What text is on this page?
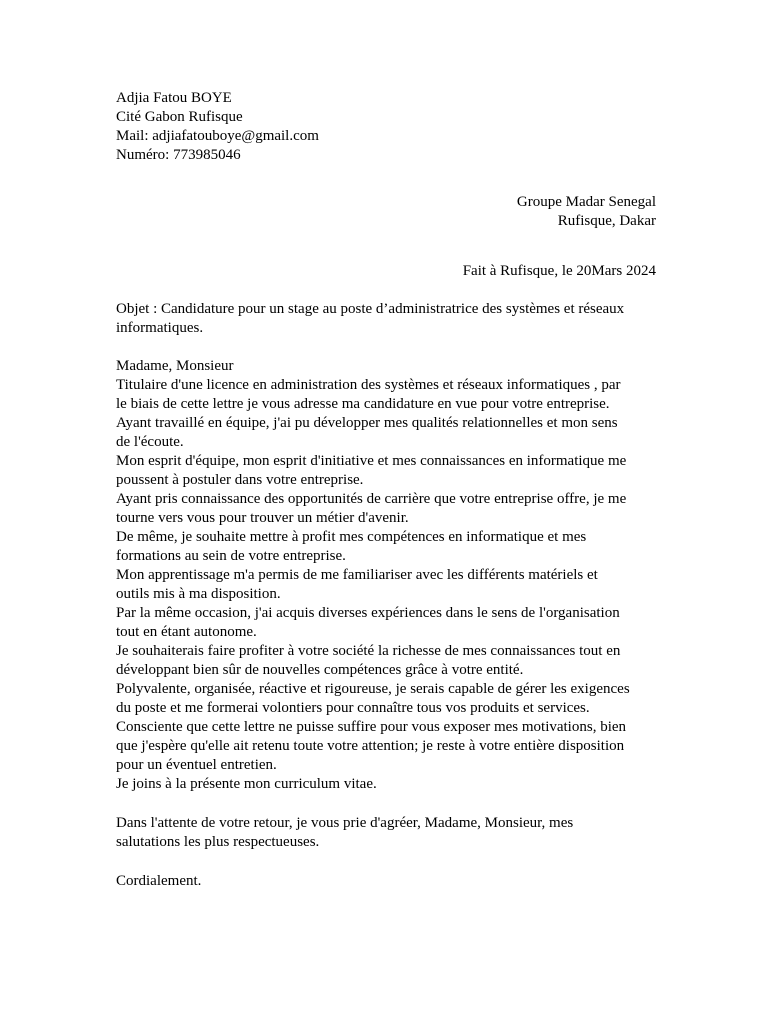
Adjia Fatou BOYE
Cité Gabon Rufisque
Mail: adjiafatouboye@gmail.com
Numéro: 773985046
Groupe Madar Senegal
Rufisque, Dakar
Fait à Rufisque, le 20Mars 2024
Objet : Candidature pour un stage au poste d’administratrice des systèmes et réseaux
informatiques.
Madame, Monsieur
Titulaire d'une licence en administration des systèmes et réseaux informatiques , par
le biais de cette lettre je vous adresse ma candidature en vue pour votre entreprise.
Ayant travaillé en équipe, j'ai pu développer mes qualités relationnelles et mon sens
de l'écoute.
Mon esprit d'équipe, mon esprit d'initiative et mes connaissances en informatique me
poussent à postuler dans votre entreprise.
Ayant pris connaissance des opportunités de carrière que votre entreprise offre, je me
tourne vers vous pour trouver un métier d'avenir.
De même, je souhaite mettre à profit mes compétences en informatique et mes
formations au sein de votre entreprise.
Mon apprentissage m'a permis de me familiariser avec les différents matériels et
outils mis à ma disposition.
Par la même occasion, j'ai acquis diverses expériences dans le sens de l'organisation
tout en étant autonome.
Je souhaiterais faire profiter à votre société la richesse de mes connaissances tout en
développant bien sûr de nouvelles compétences grâce à votre entité.
Polyvalente, organisée, réactive et rigoureuse, je serais capable de gérer les exigences
du poste et me formerai volontiers pour connaître tous vos produits et services.
Consciente que cette lettre ne puisse suffire pour vous exposer mes motivations, bien
que j'espère qu'elle ait retenu toute votre attention; je reste à votre entière disposition
pour un éventuel entretien.
Je joins à la présente mon curriculum vitae.
Dans l'attente de votre retour, je vous prie d'agréer, Madame, Monsieur, mes
salutations les plus respectueuses.
Cordialement.
